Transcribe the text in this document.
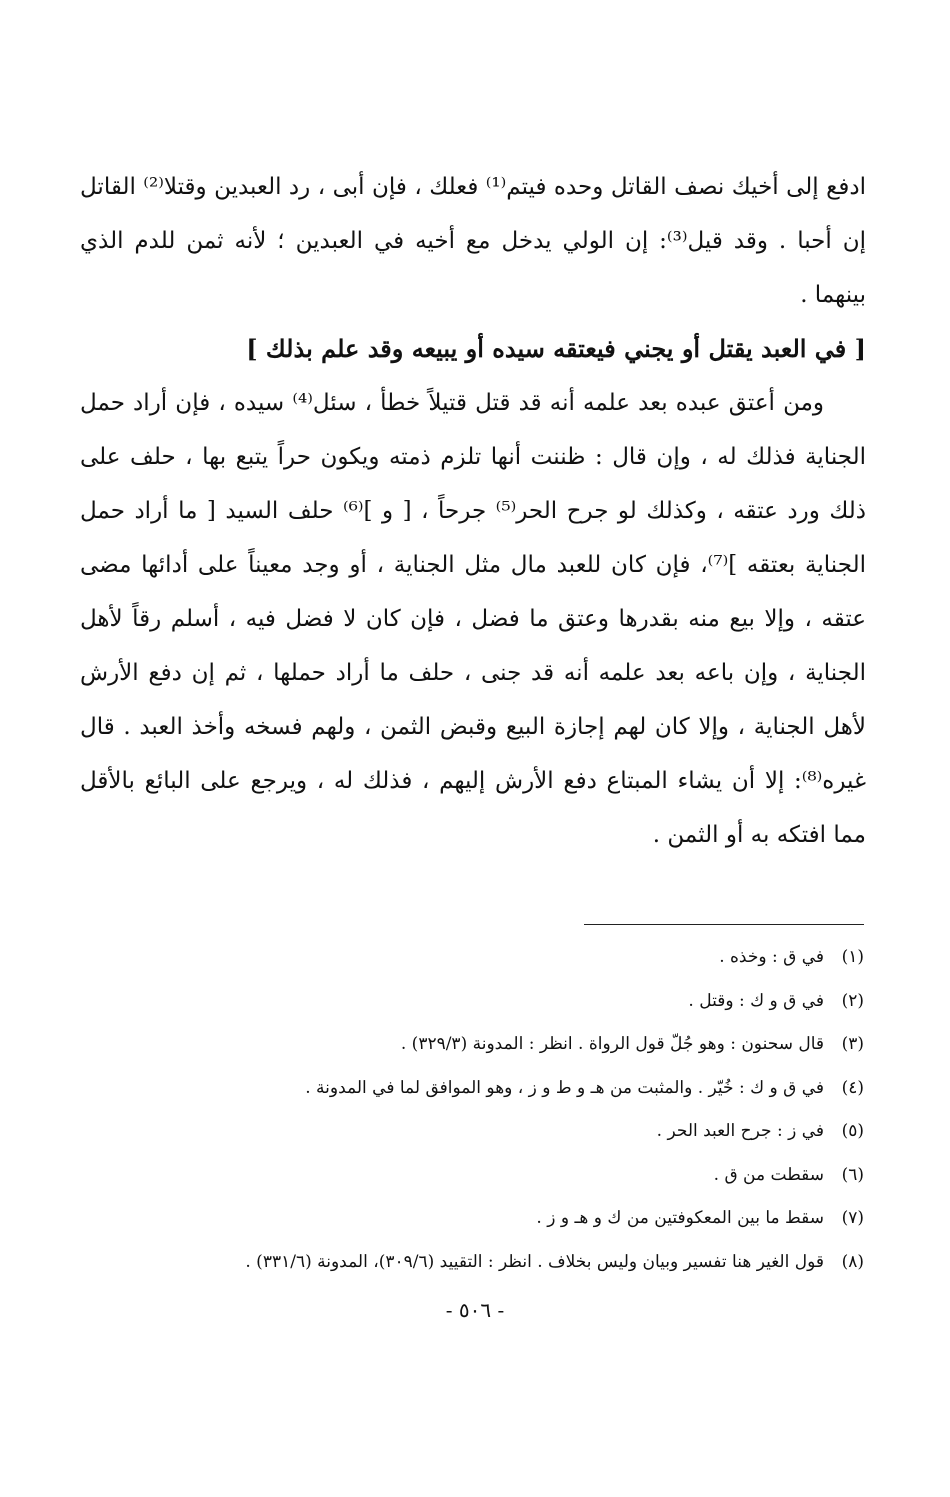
ادفع إلى أخيك نصف القاتل وحده فيتم⁽¹⁾ فعلك ، فإن أبى ، رد العبدين وقتلا⁽²⁾ القاتل إن أحبا . وقد قيل⁽³⁾: إن الولي يدخل مع أخيه في العبدين ؛ لأنه ثمن للدم الذي بينهما .

[ في العبد يقتل أو يجني فيعتقه سيده أو يبيعه وقد علم بذلك ]

ومن أعتق عبده بعد علمه أنه قد قتل قتيلاً خطأ ، سئل⁽⁴⁾ سيده ، فإن أراد حمل الجناية فذلك له ، وإن قال : ظننت أنها تلزم ذمته ويكون حراً يتبع بها ، حلف على ذلك ورد عتقه ، وكذلك لو جرح الحر⁽⁵⁾ جرحاً ، [ و ]⁽⁶⁾ حلف السيد [ ما أراد حمل الجناية بعتقه ]⁽⁷⁾، فإن كان للعبد مال مثل الجناية ، أو وجد معيناً على أدائها مضى عتقه ، وإلا بيع منه بقدرها وعتق ما فضل ، فإن كان لا فضل فيه ، أسلم رقاً لأهل الجناية ، وإن باعه بعد علمه أنه قد جنى ، حلف ما أراد حملها ، ثم إن دفع الأرش لأهل الجناية ، وإلا كان لهم إجازة البيع وقبض الثمن ، ولهم فسخه وأخذ العبد . قال غيره⁽⁸⁾: إلا أن يشاء المبتاع دفع الأرش إليهم ، فذلك له ، ويرجع على البائع بالأقل مما افتكه به أو الثمن .

(١)
في ق : وخذه .
(٢)
في ق و ك : وقتل .
(٣)
قال سحنون : وهو جُلّ قول الرواة . انظر : المدونة (٣٢٩/٣) .
(٤)
في ق و ك : خُيّر . والمثبت من هـ و ط و ز ، وهو الموافق لما في المدونة .
(٥)
في ز : جرح العبد الحر .
(٦)
سقطت من ق .
(٧)
سقط ما بين المعكوفتين من ك و هـ و ز .
(٨)
قول الغير هنا تفسير وبيان وليس بخلاف . انظر : التقييد (٣٠٩/٦)، المدونة (٣٣١/٦) .
- ٥٠٦ -
